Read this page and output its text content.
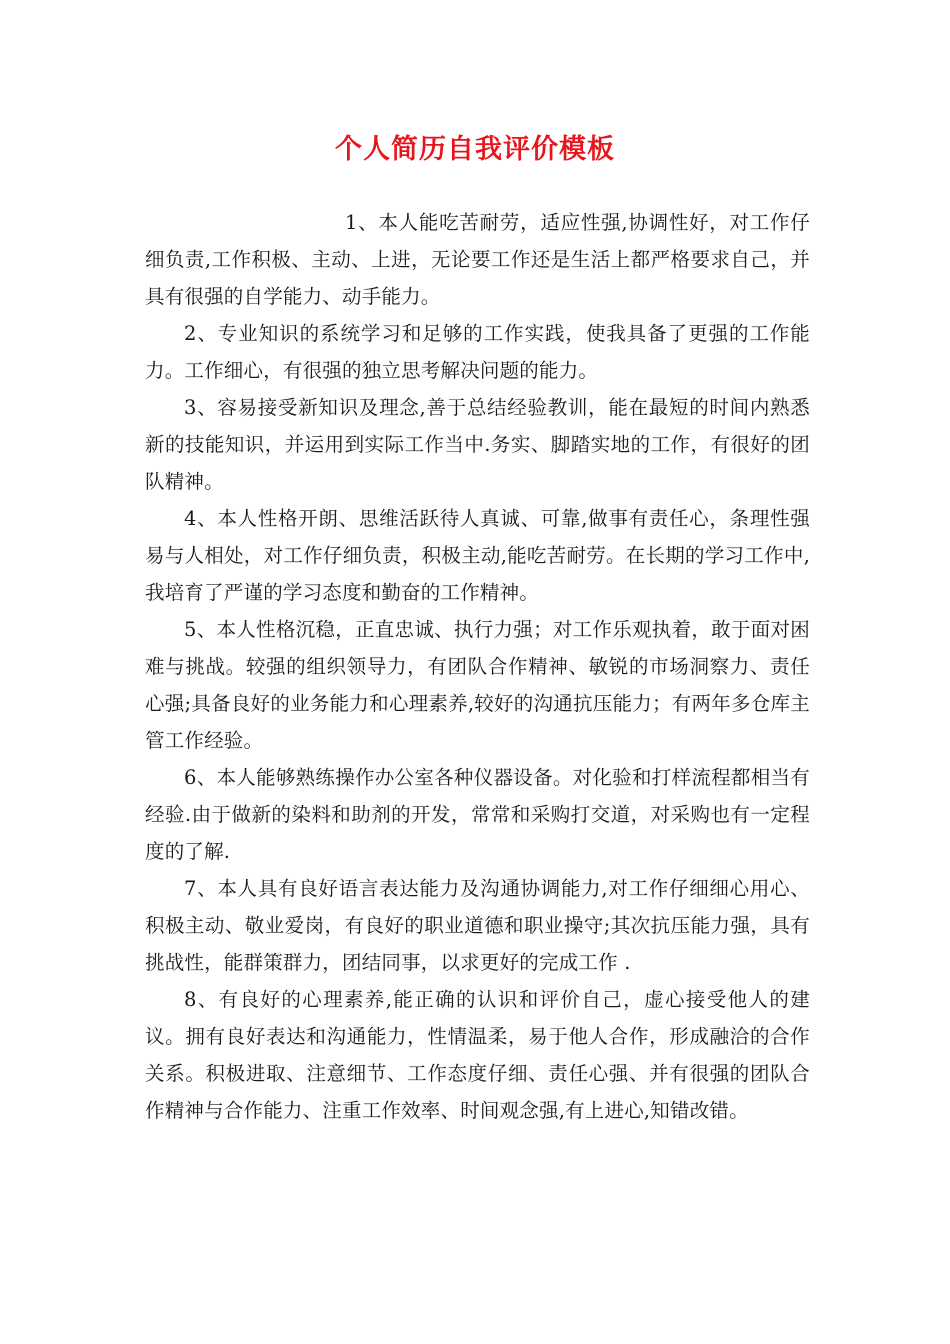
个人简历自我评价模板

1、本人能吃苦耐劳，适应性强,协调性好，对工作仔细负责,工作积极、主动、上进，无论要工作还是生活上都严格要求自己，并具有很强的自学能力、动手能力。

2、专业知识的系统学习和足够的工作实践，使我具备了更强的工作能力。工作细心，有很强的独立思考解决问题的能力。

3、容易接受新知识及理念,善于总结经验教训，能在最短的时间内熟悉新的技能知识，并运用到实际工作当中.务实、脚踏实地的工作，有很好的团队精神。

4、本人性格开朗、思维活跃待人真诚、可靠,做事有责任心，条理性强易与人相处，对工作仔细负责，积极主动,能吃苦耐劳。在长期的学习工作中,我培育了严谨的学习态度和勤奋的工作精神。

5、本人性格沉稳，正直忠诚、执行力强；对工作乐观执着，敢于面对困难与挑战。较强的组织领导力，有团队合作精神、敏锐的市场洞察力、责任心强;具备良好的业务能力和心理素养,较好的沟通抗压能力；有两年多仓库主管工作经验。

6、本人能够熟练操作办公室各种仪器设备。对化验和打样流程都相当有经验.由于做新的染料和助剂的开发，常常和采购打交道，对采购也有一定程度的了解.

7、本人具有良好语言表达能力及沟通协调能力,对工作仔细细心用心、积极主动、敬业爱岗，有良好的职业道德和职业操守;其次抗压能力强，具有挑战性，能群策群力，团结同事，以求更好的完成工作 .

8、有良好的心理素养,能正确的认识和评价自己，虚心接受他人的建议。拥有良好表达和沟通能力，性情温柔，易于他人合作，形成融洽的合作关系。积极进取、注意细节、工作态度仔细、责任心强、并有很强的团队合作精神与合作能力、注重工作效率、时间观念强,有上进心,知错改错。
